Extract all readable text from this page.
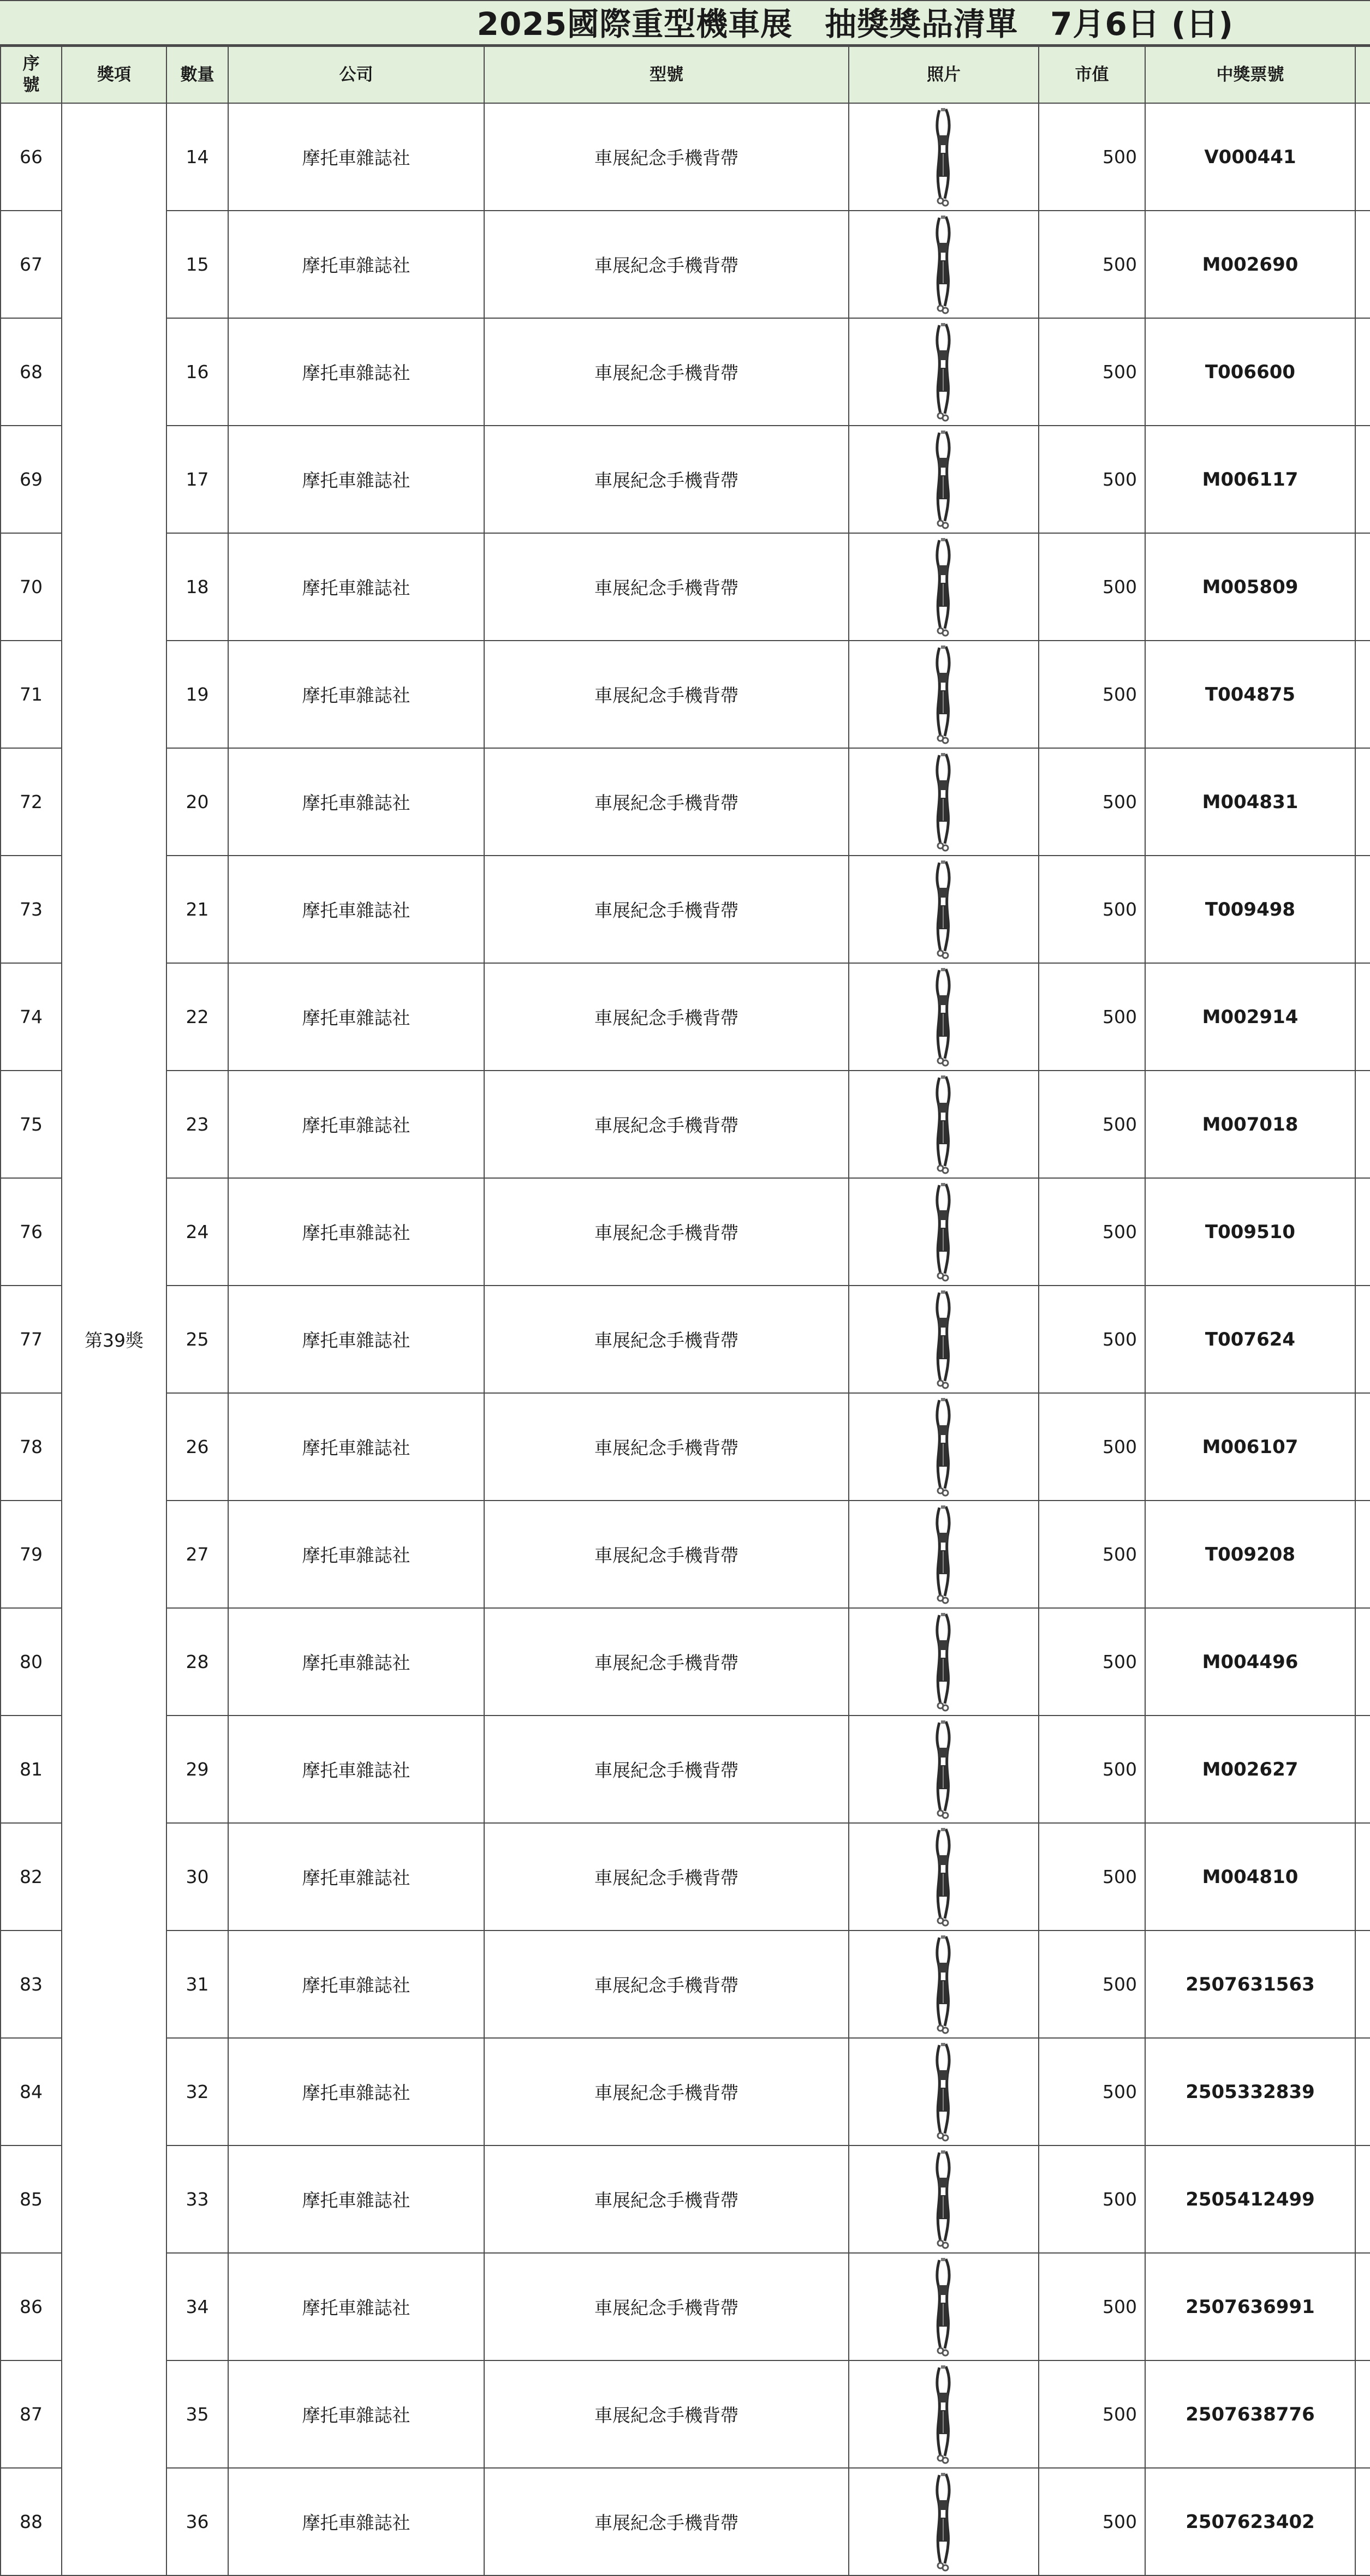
2025國際重型機車展　抽獎獎品清單　7月6日 (日)
序號	獎項	數量	公司	型號	照片	市值	中獎票號	
66	第39獎	14	摩托車雜誌社	車展紀念手機背帶		500	V000441	
67		15	摩托車雜誌社	車展紀念手機背帶		500	M002690	
68		16	摩托車雜誌社	車展紀念手機背帶		500	T006600	
69		17	摩托車雜誌社	車展紀念手機背帶		500	M006117	
70		18	摩托車雜誌社	車展紀念手機背帶		500	M005809	
71		19	摩托車雜誌社	車展紀念手機背帶		500	T004875	
72		20	摩托車雜誌社	車展紀念手機背帶		500	M004831	
73		21	摩托車雜誌社	車展紀念手機背帶		500	T009498	
74		22	摩托車雜誌社	車展紀念手機背帶		500	M002914	
75		23	摩托車雜誌社	車展紀念手機背帶		500	M007018	
76		24	摩托車雜誌社	車展紀念手機背帶		500	T009510	
77		25	摩托車雜誌社	車展紀念手機背帶		500	T007624	
78		26	摩托車雜誌社	車展紀念手機背帶		500	M006107	
79		27	摩托車雜誌社	車展紀念手機背帶		500	T009208	
80		28	摩托車雜誌社	車展紀念手機背帶		500	M004496	
81		29	摩托車雜誌社	車展紀念手機背帶		500	M002627	
82		30	摩托車雜誌社	車展紀念手機背帶		500	M004810	
83		31	摩托車雜誌社	車展紀念手機背帶		500	2507631563	
84		32	摩托車雜誌社	車展紀念手機背帶		500	2505332839	
85		33	摩托車雜誌社	車展紀念手機背帶		500	2505412499	
86		34	摩托車雜誌社	車展紀念手機背帶		500	2507636991	
87		35	摩托車雜誌社	車展紀念手機背帶		500	2507638776	
88		36	摩托車雜誌社	車展紀念手機背帶		500	2507623402	
